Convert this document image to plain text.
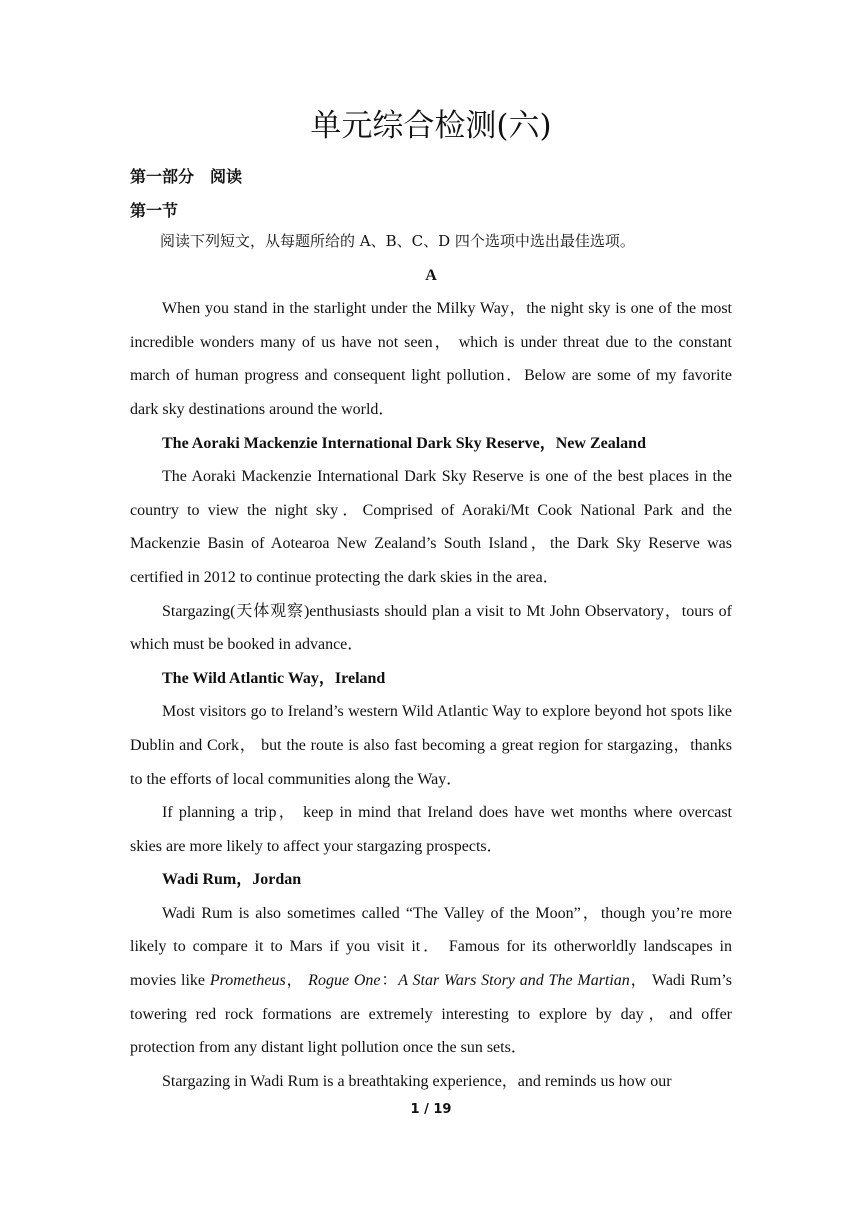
单元综合检测(六)
第一部分　阅读
第一节

阅读下列短文，从每题所给的 A、B、C、D 四个选项中选出最佳选项。

A

When you stand in the starlight under the Milky Way，the night sky is one of the most incredible wonders many of us have not seen， which is under threat due to the constant march of human progress and consequent light pollution．Below are some of my favorite dark sky destinations around the world．

The Aoraki Mackenzie International Dark Sky Reserve，New Zealand

The Aoraki Mackenzie International Dark Sky Reserve is one of the best places in the country to view the night sky．Comprised of Aoraki/Mt Cook National Park and the Mackenzie Basin of Aotearoa New Zealand’s South Island，the Dark Sky Reserve was certified in 2012 to continue protecting the dark skies in the area．

Stargazing(天体观察)enthusiasts should plan a visit to Mt John Observatory，tours of which must be booked in advance．

The Wild Atlantic Way，Ireland

Most visitors go to Ireland’s western Wild Atlantic Way to explore beyond hot spots like Dublin and Cork， but the route is also fast becoming a great region for stargazing，thanks to the efforts of local communities along the Way．

If planning a trip， keep in mind that Ireland does have wet months where overcast skies are more likely to affect your stargazing prospects．

Wadi Rum，Jordan

Wadi Rum is also sometimes called “The Valley of the Moon”，though you’re more likely to compare it to Mars if you visit it． Famous for its otherworldly landscapes in movies like Prometheus， Rogue One：A Star Wars Story and The Martian， Wadi Rum’s towering red rock formations are extremely interesting to explore by day，and offer protection from any distant light pollution once the sun sets．

Stargazing in Wadi Rum is a breathtaking experience，and reminds us how our

1 / 19
